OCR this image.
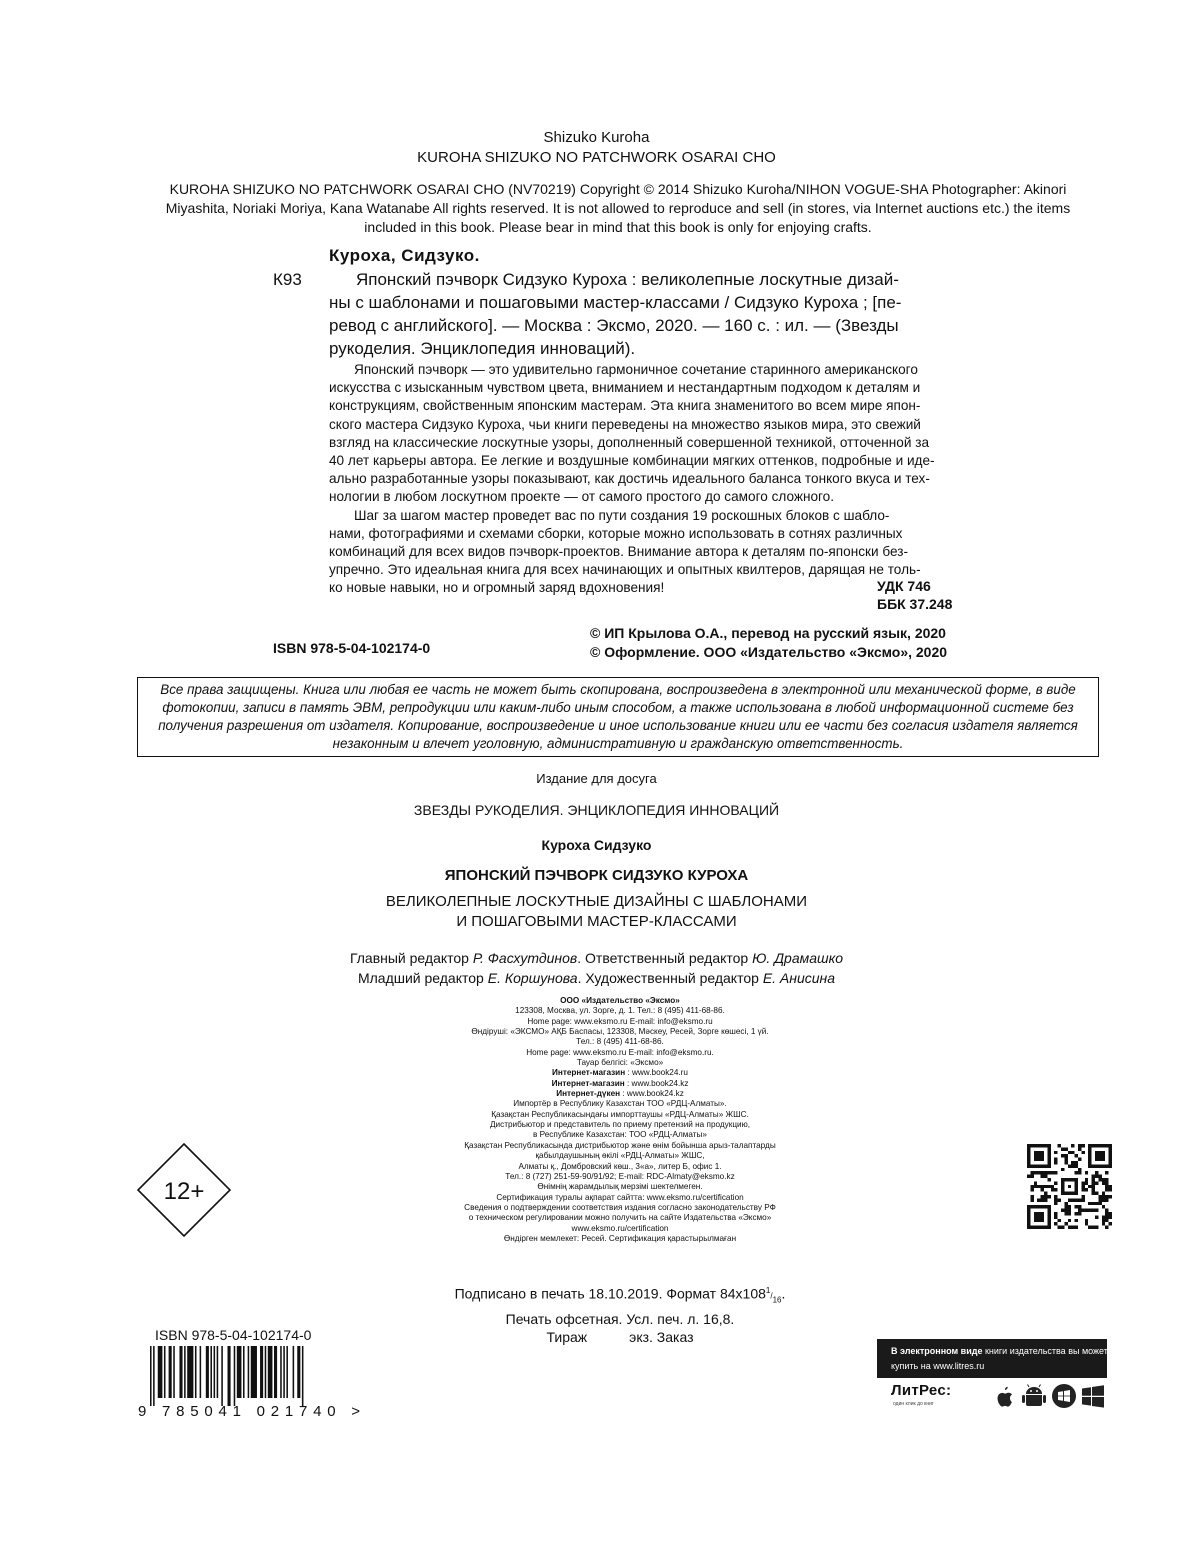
Shizuko Kuroha
KUROHA SHIZUKO NO PATCHWORK OSARAI CHO
KUROHA SHIZUKO NO PATCHWORK OSARAI CHO (NV70219) Copyright © 2014 Shizuko Kuroha/NIHON VOGUE-SHA Photographer: Akinori
Miyashita, Noriaki Moriya, Kana Watanabe All rights reserved. It is not allowed to reproduce and sell (in stores, via Internet auctions etc.) the items
included in this book. Please bear in mind that this book is only for enjoying crafts.
Куроха, Сидзуко.
К93	Японский пэчворк Сидзуко Куроха : великолепные лоскутные дизай-
ны с шаблонами и пошаговыми мастер-классами / Сидзуко Куроха ; [пе-
ревод с английского]. — Москва : Эксмо, 2020. — 160 с. : ил. — (Звезды
рукоделия. Энциклопедия инноваций).
Японский пэчворк — это удивительно гармоничное сочетание старинного американского
искусства с изысканным чувством цвета, вниманием и нестандартным подходом к деталям и
конструкциям, свойственным японским мастерам. Эта книга знаменитого во всем мире япон-
ского мастера Сидзуко Куроха, чьи книги переведены на множество языков мира, это свежий
взгляд на классические лоскутные узоры, дополненный совершенной техникой, отточенной за
40 лет карьеры автора. Ее легкие и воздушные комбинации мягких оттенков, подробные и иде-
ально разработанные узоры показывают, как достичь идеального баланса тонкого вкуса и тех-
нологии в любом лоскутном проекте — от самого простого до самого сложного.
Шаг за шагом мастер проведет вас по пути создания 19 роскошных блоков с шабло-
нами, фотографиями и схемами сборки, которые можно использовать в сотнях различных
комбинаций для всех видов пэчворк-проектов. Внимание автора к деталям по-японски без-
упречно. Это идеальная книга для всех начинающих и опытных квилтеров, дарящая не толь-
ко новые навыки, но и огромный заряд вдохновения!	УДК 746
ББК 37.248
© ИП Крылова О.А., перевод на русский язык, 2020
© Оформление. ООО «Издательство «Эксмо», 2020
ISBN 978-5-04-102174-0
Все права защищены. Книга или любая ее часть не может быть скопирована, воспроизведена в электронной или механической форме, в виде
фотокопии, записи в память ЭВМ, репродукции или каким-либо иным способом, а также использована в любой информационной системе без
получения разрешения от издателя. Копирование, воспроизведение и иное использование книги или ее части без согласия издателя является
незаконным и влечет уголовную, административную и гражданскую ответственность.
Издание для досуга
ЗВЕЗДЫ РУКОДЕЛИЯ. ЭНЦИКЛОПЕДИЯ ИННОВАЦИЙ
Куроха Сидзуко
ЯПОНСКИЙ ПЭЧВОРК СИДЗУКО КУРОХА
ВЕЛИКОЛЕПНЫЕ ЛОСКУТНЫЕ ДИЗАЙНЫ С ШАБЛОНАМИ
И ПОШАГОВЫМИ МАСТЕР-КЛАССАМИ
Главный редактор Р. Фасхутдинов. Ответственный редактор Ю. Драмашко
Младший редактор Е. Коршунова. Художественный редактор Е. Анисина
ООО «Издательство «Эксмо»
123308, Москва, ул. Зорге, д. 1. Тел.: 8 (495) 411-68-86.
Home page: www.eksmo.ru E-mail: info@eksmo.ru
Өндіруші: «ЭКСМО» АҚБ Баспасы, 123308, Мәскеу, Ресей, Зорге көшесі, 1 үй.
Тел.: 8 (495) 411-68-86.
Home page: www.eksmo.ru E-mail: info@eksmo.ru.
Тауар белгісі: «Эксмо»
Интернет-магазин : www.book24.ru
Интернет-магазин : www.book24.kz
Интернет-дүкен : www.book24.kz
Импортёр в Республику Казахстан ТОО «РДЦ-Алматы».
Қазақстан Республикасындағы импорттаушы «РДЦ-Алматы» ЖШС.
Дистрибьютор и представитель по приему претензий на продукцию,
в Республике Казахстан: ТОО «РДЦ-Алматы»
Қазақстан Республикасында дистрибьютор және өнім бойынша арыз-талаптарды
қабылдаушының өкілі «РДЦ-Алматы» ЖШС,
Алматы қ., Домбровский көш., 3«а», литер Б, офис 1.
Тел.: 8 (727) 251-59-90/91/92; E-mail: RDC-Almaty@eksmo.kz
Өнімнің жарамдылық мерзімі шектелмеген.
Сертификация туралы ақпарат сайтта: www.eksmo.ru/certification
Сведения о подтверждении соответствия издания согласно законодательству РФ
о техническом регулировании можно получить на сайте Издательства «Эксмо»
www.eksmo.ru/certification
Өндірген мемлекет: Ресей. Сертификация қарастырылмаған
Подписано в печать 18.10.2019. Формат $84x108^1/_{16}$.
Печать офсетная. Усл. печ. л. 16,8.
Тираж	экз. Заказ
12+
ISBN 978-5-04-102174-0
9 785041 021740 >
В электронном виде книги издательства вы можете
купить на www.litres.ru
ЛитРес:
один клик до книг
